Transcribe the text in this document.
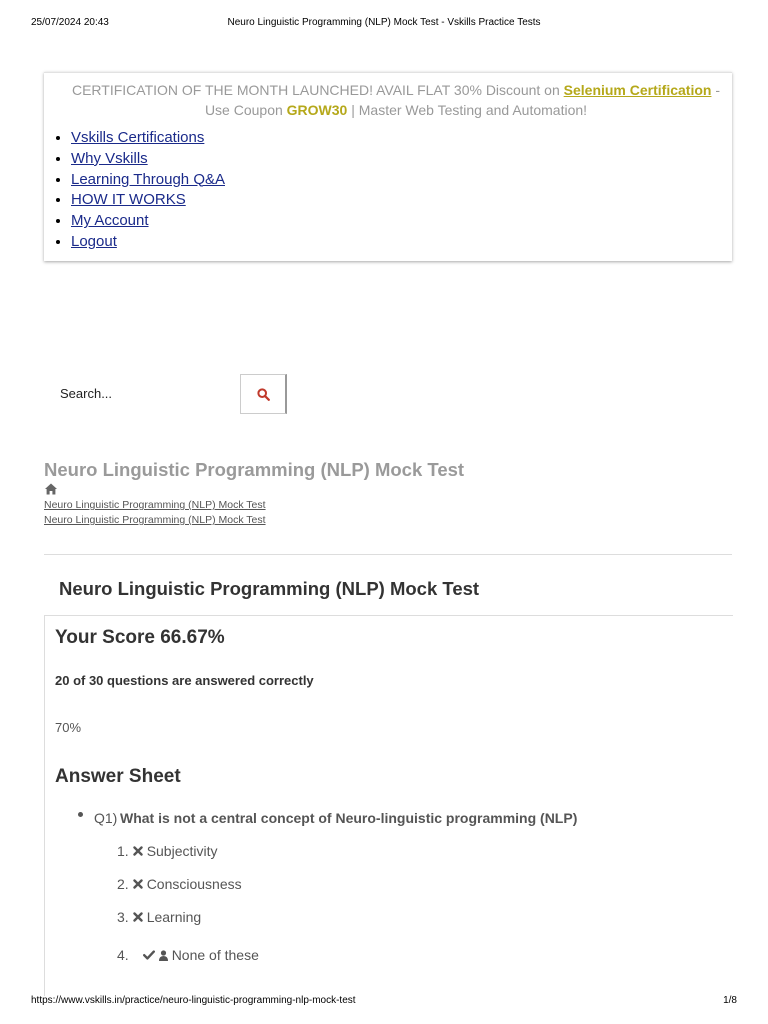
25/07/2024 20:43	Neuro Linguistic Programming (NLP) Mock Test - Vskills Practice Tests
CERTIFICATION OF THE MONTH LAUNCHED! AVAIL FLAT 30% Discount on Selenium Certification - Use Coupon GROW30 | Master Web Testing and Automation!
• Vskills Certifications
• Why Vskills
• Learning Through Q&A
• HOW IT WORKS
• My Account
• Logout
Search...
Neuro Linguistic Programming (NLP) Mock Test
Neuro Linguistic Programming (NLP) Mock Test
Neuro Linguistic Programming (NLP) Mock Test
Neuro Linguistic Programming (NLP) Mock Test
Your Score 66.67%
20 of 30 questions are answered correctly
70%
Answer Sheet
Q1) What is not a central concept of Neuro-linguistic programming (NLP)
1. Subjectivity
2. Consciousness
3. Learning
4.	None of these
https://www.vskills.in/practice/neuro-linguistic-programming-nlp-mock-test	1/8
